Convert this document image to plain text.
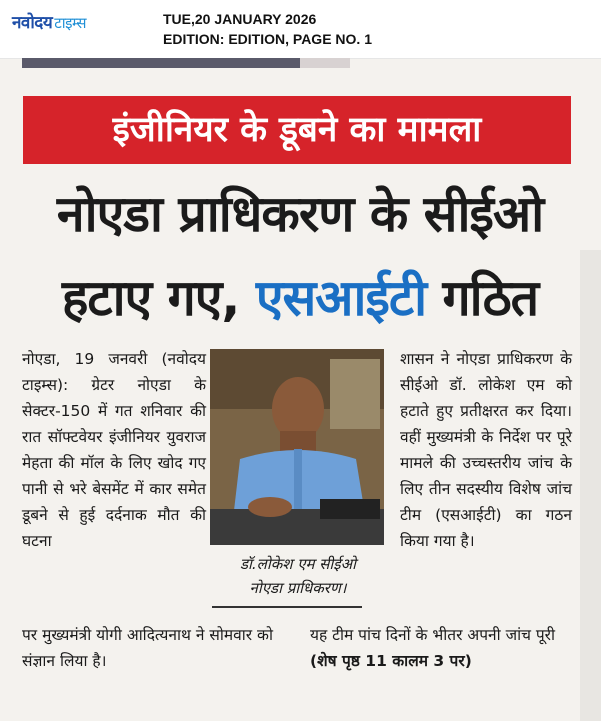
नवोदय टाइम्स	TUE,20 JANUARY 2026
EDITION: EDITION, PAGE NO. 1
इंजीनियर के डूबने का मामला
नोएडा प्राधिकरण के सीईओ
हटाए गए, एसआईटी गठित
नोएडा, 19 जनवरी (नवोदय टाइम्स): ग्रेटर नोएडा के सेक्टर-150 में गत शनिवार की रात सॉफ्टवेयर इंजीनियर युवराज मेहता की मॉल के लिए खोद गए पानी से भरे बेसमेंट में कार समेत डूबने से हुई दर्दनाक मौत की घटना
डॉ.लोकेश एम सीईओ
नोएडा प्राधिकरण।
शासन ने नोएडा प्राधिकरण के सीईओ डॉ. लोकेश एम को हटाते हुए प्रतीक्षरत कर दिया। वहीं मुख्यमंत्री के निर्देश पर पूरे मामले की उच्चस्तरीय जांच के लिए तीन सदस्यीय विशेष जांच टीम (एसआईटी) का गठन किया गया है।
पर मुख्यमंत्री योगी आदित्यनाथ ने सोमवार को संज्ञान लिया है।
यह टीम पांच दिनों के भीतर अपनी जांच पूरी (शेष पृष्ठ 11 कालम 3 पर)
